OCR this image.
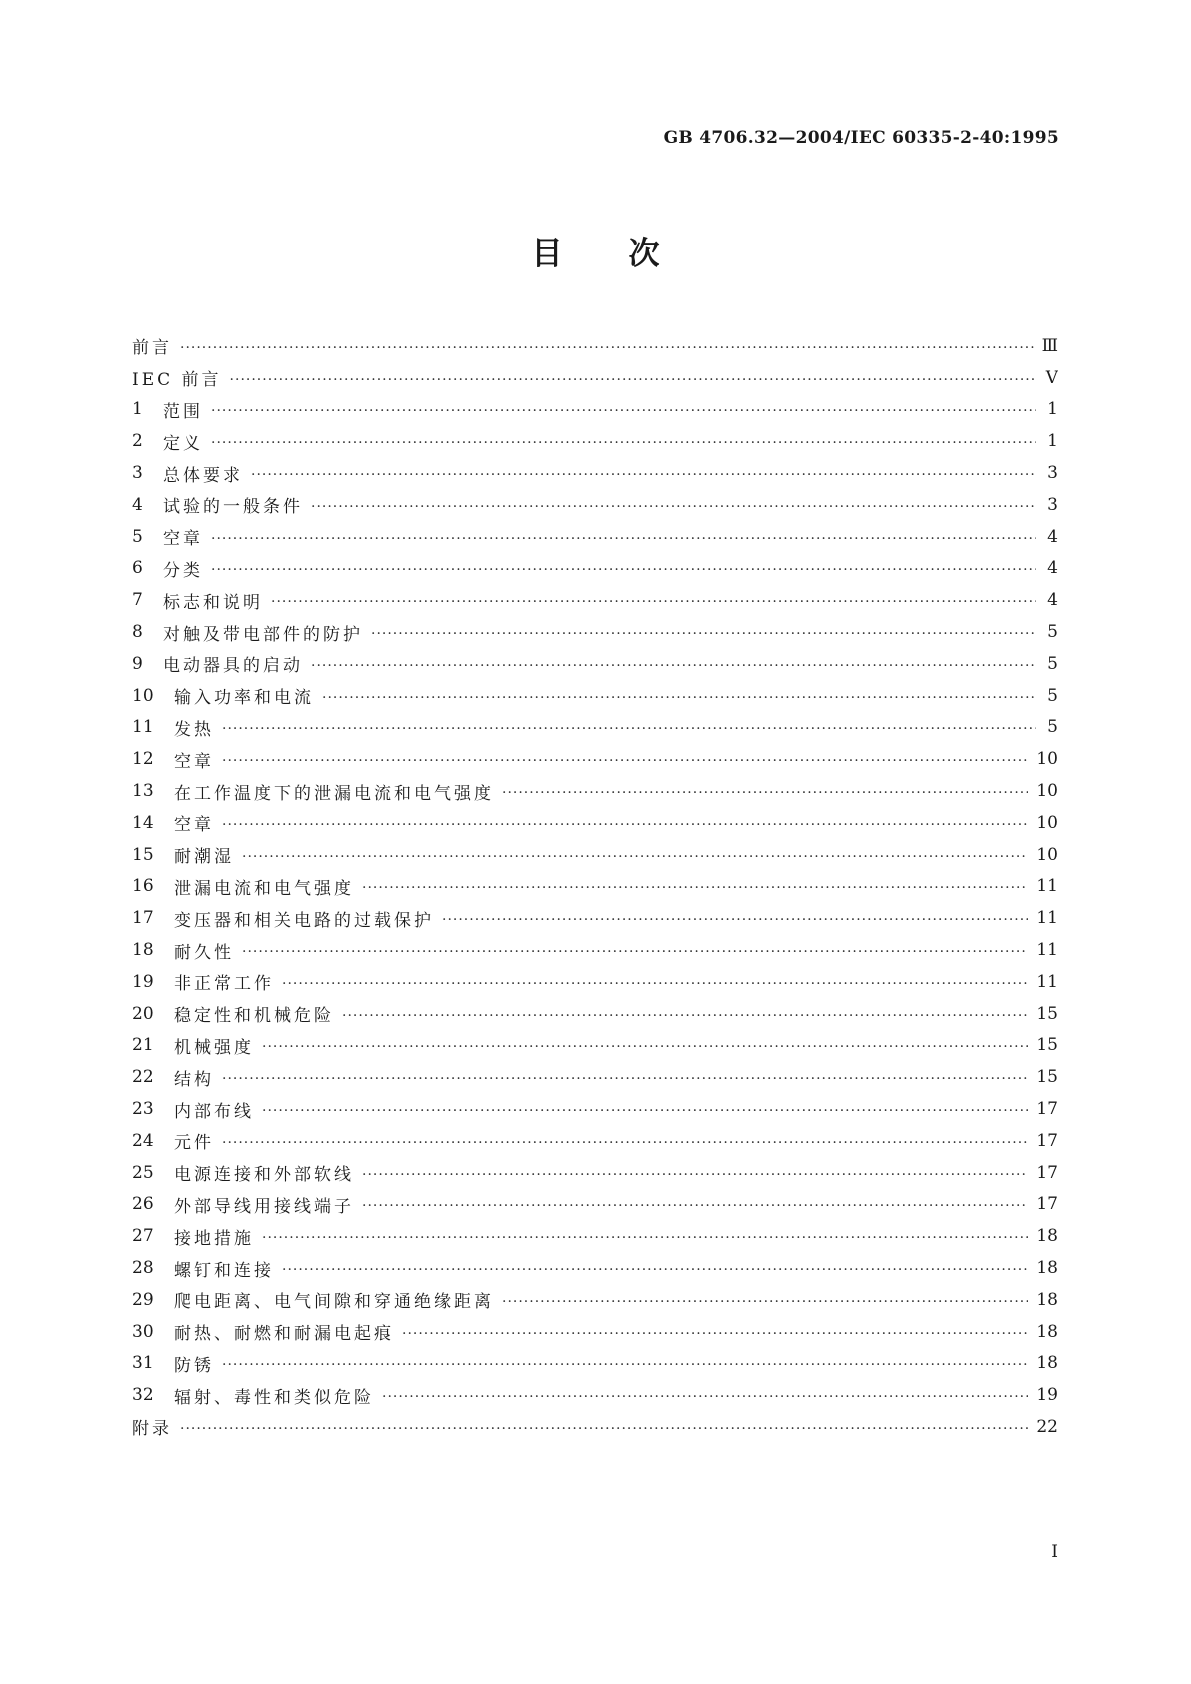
GB 4706.32—2004/IEC 60335-2-40:1995
目 次
前言 ·····	Ⅲ
IEC 前言 ·····	Ⅴ
1	范围 ·····	1
2	定义 ·····	1
3	总体要求 ·····	3
4	试验的一般条件 ·····	3
5	空章 ·····	4
6	分类 ·····	4
7	标志和说明 ·····	4
8	对触及带电部件的防护 ·····	5
9	电动器具的启动 ·····	5
10	输入功率和电流 ·····	5
11	发热 ·····	5
12	空章 ·····	10
13	在工作温度下的泄漏电流和电气强度 ·····	10
14	空章 ·····	10
15	耐潮湿 ·····	10
16	泄漏电流和电气强度 ·····	11
17	变压器和相关电路的过载保护 ·····	11
18	耐久性 ·····	11
19	非正常工作 ·····	11
20	稳定性和机械危险 ·····	15
21	机械强度 ·····	15
22	结构 ·····	15
23	内部布线 ·····	17
24	元件 ·····	17
25	电源连接和外部软线 ·····	17
26	外部导线用接线端子 ·····	17
27	接地措施 ·····	18
28	螺钉和连接 ·····	18
29	爬电距离、电气间隙和穿通绝缘距离 ·····	18
30	耐热、耐燃和耐漏电起痕 ·····	18
31	防锈 ·····	18
32	辐射、毒性和类似危险 ·····	19
附录 ·····	22
I
